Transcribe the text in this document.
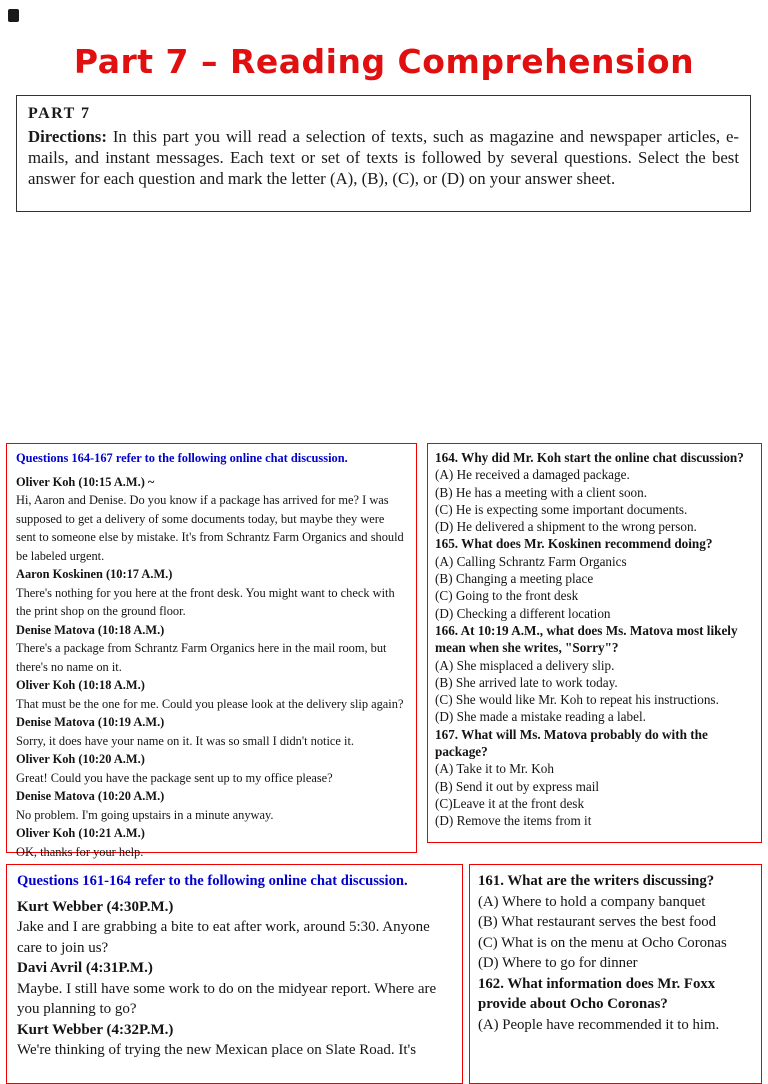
Part 7 – Reading Comprehension
PART 7

Directions: In this part you will read a selection of texts, such as magazine and newspaper articles, e-mails, and instant messages. Each text or set of texts is followed by several questions. Select the best answer for each question and mark the letter (A), (B), (C), or (D) on your answer sheet.

Questions 164-167 refer to the following online chat discussion.
Oliver Koh (10:15 A.M.) ~
Hi, Aaron and Denise. Do you know if a package has arrived for me? I was supposed to get a delivery of some documents today, but maybe they were sent to someone else by mistake. It's from Schrantz Farm Organics and should be labeled urgent.
Aaron Koskinen (10:17 A.M.)
There's nothing for you here at the front desk. You might want to check with the print shop on the ground floor.
Denise Matova (10:18 A.M.)
There's a package from Schrantz Farm Organics here in the mail room, but there's no name on it.
Oliver Koh (10:18 A.M.)
That must be the one for me. Could you please look at the delivery slip again?
Denise Matova (10:19 A.M.)
Sorry, it does have your name on it. It was so small I didn't notice it.
Oliver Koh (10:20 A.M.)
Great! Could you have the package sent up to my office please?
Denise Matova (10:20 A.M.)
No problem. I'm going upstairs in a minute anyway.
Oliver Koh (10:21 A.M.)
OK, thanks for your help.
164. Why did Mr. Koh start the online chat discussion?
(A) He received a damaged package.
(B) He has a meeting with a client soon.
(C) He is expecting some important documents.
(D) He delivered a shipment to the wrong person.
165. What does Mr. Koskinen recommend doing?
(A) Calling Schrantz Farm Organics
(B) Changing a meeting place
(C) Going to the front desk
(D) Checking a different location
166. At 10:19 A.M., what does Ms. Matova most likely mean when she writes, "Sorry"?
(A) She misplaced a delivery slip.
(B) She arrived late to work today.
(C) She would like Mr. Koh to repeat his instructions.
(D) She made a mistake reading a label.
167. What will Ms. Matova probably do with the package?
(A) Take it to Mr. Koh
(B) Send it out by express mail
(C)Leave it at the front desk
(D) Remove the items from it
Questions 161-164 refer to the following online chat discussion.
Kurt Webber (4:30P.M.)
Jake and I are grabbing a bite to eat after work, around 5:30. Anyone care to join us?
Davi Avril (4:31P.M.)
Maybe. I still have some work to do on the midyear report. Where are you planning to go?
Kurt Webber (4:32P.M.)
We're thinking of trying the new Mexican place on Slate Road. It's
161. What are the writers discussing?
(A) Where to hold a company banquet
(B) What restaurant serves the best food
(C) What is on the menu at Ocho Coronas
(D) Where to go for dinner
162. What information does Mr. Foxx provide about Ocho Coronas?
(A) People have recommended it to him.
